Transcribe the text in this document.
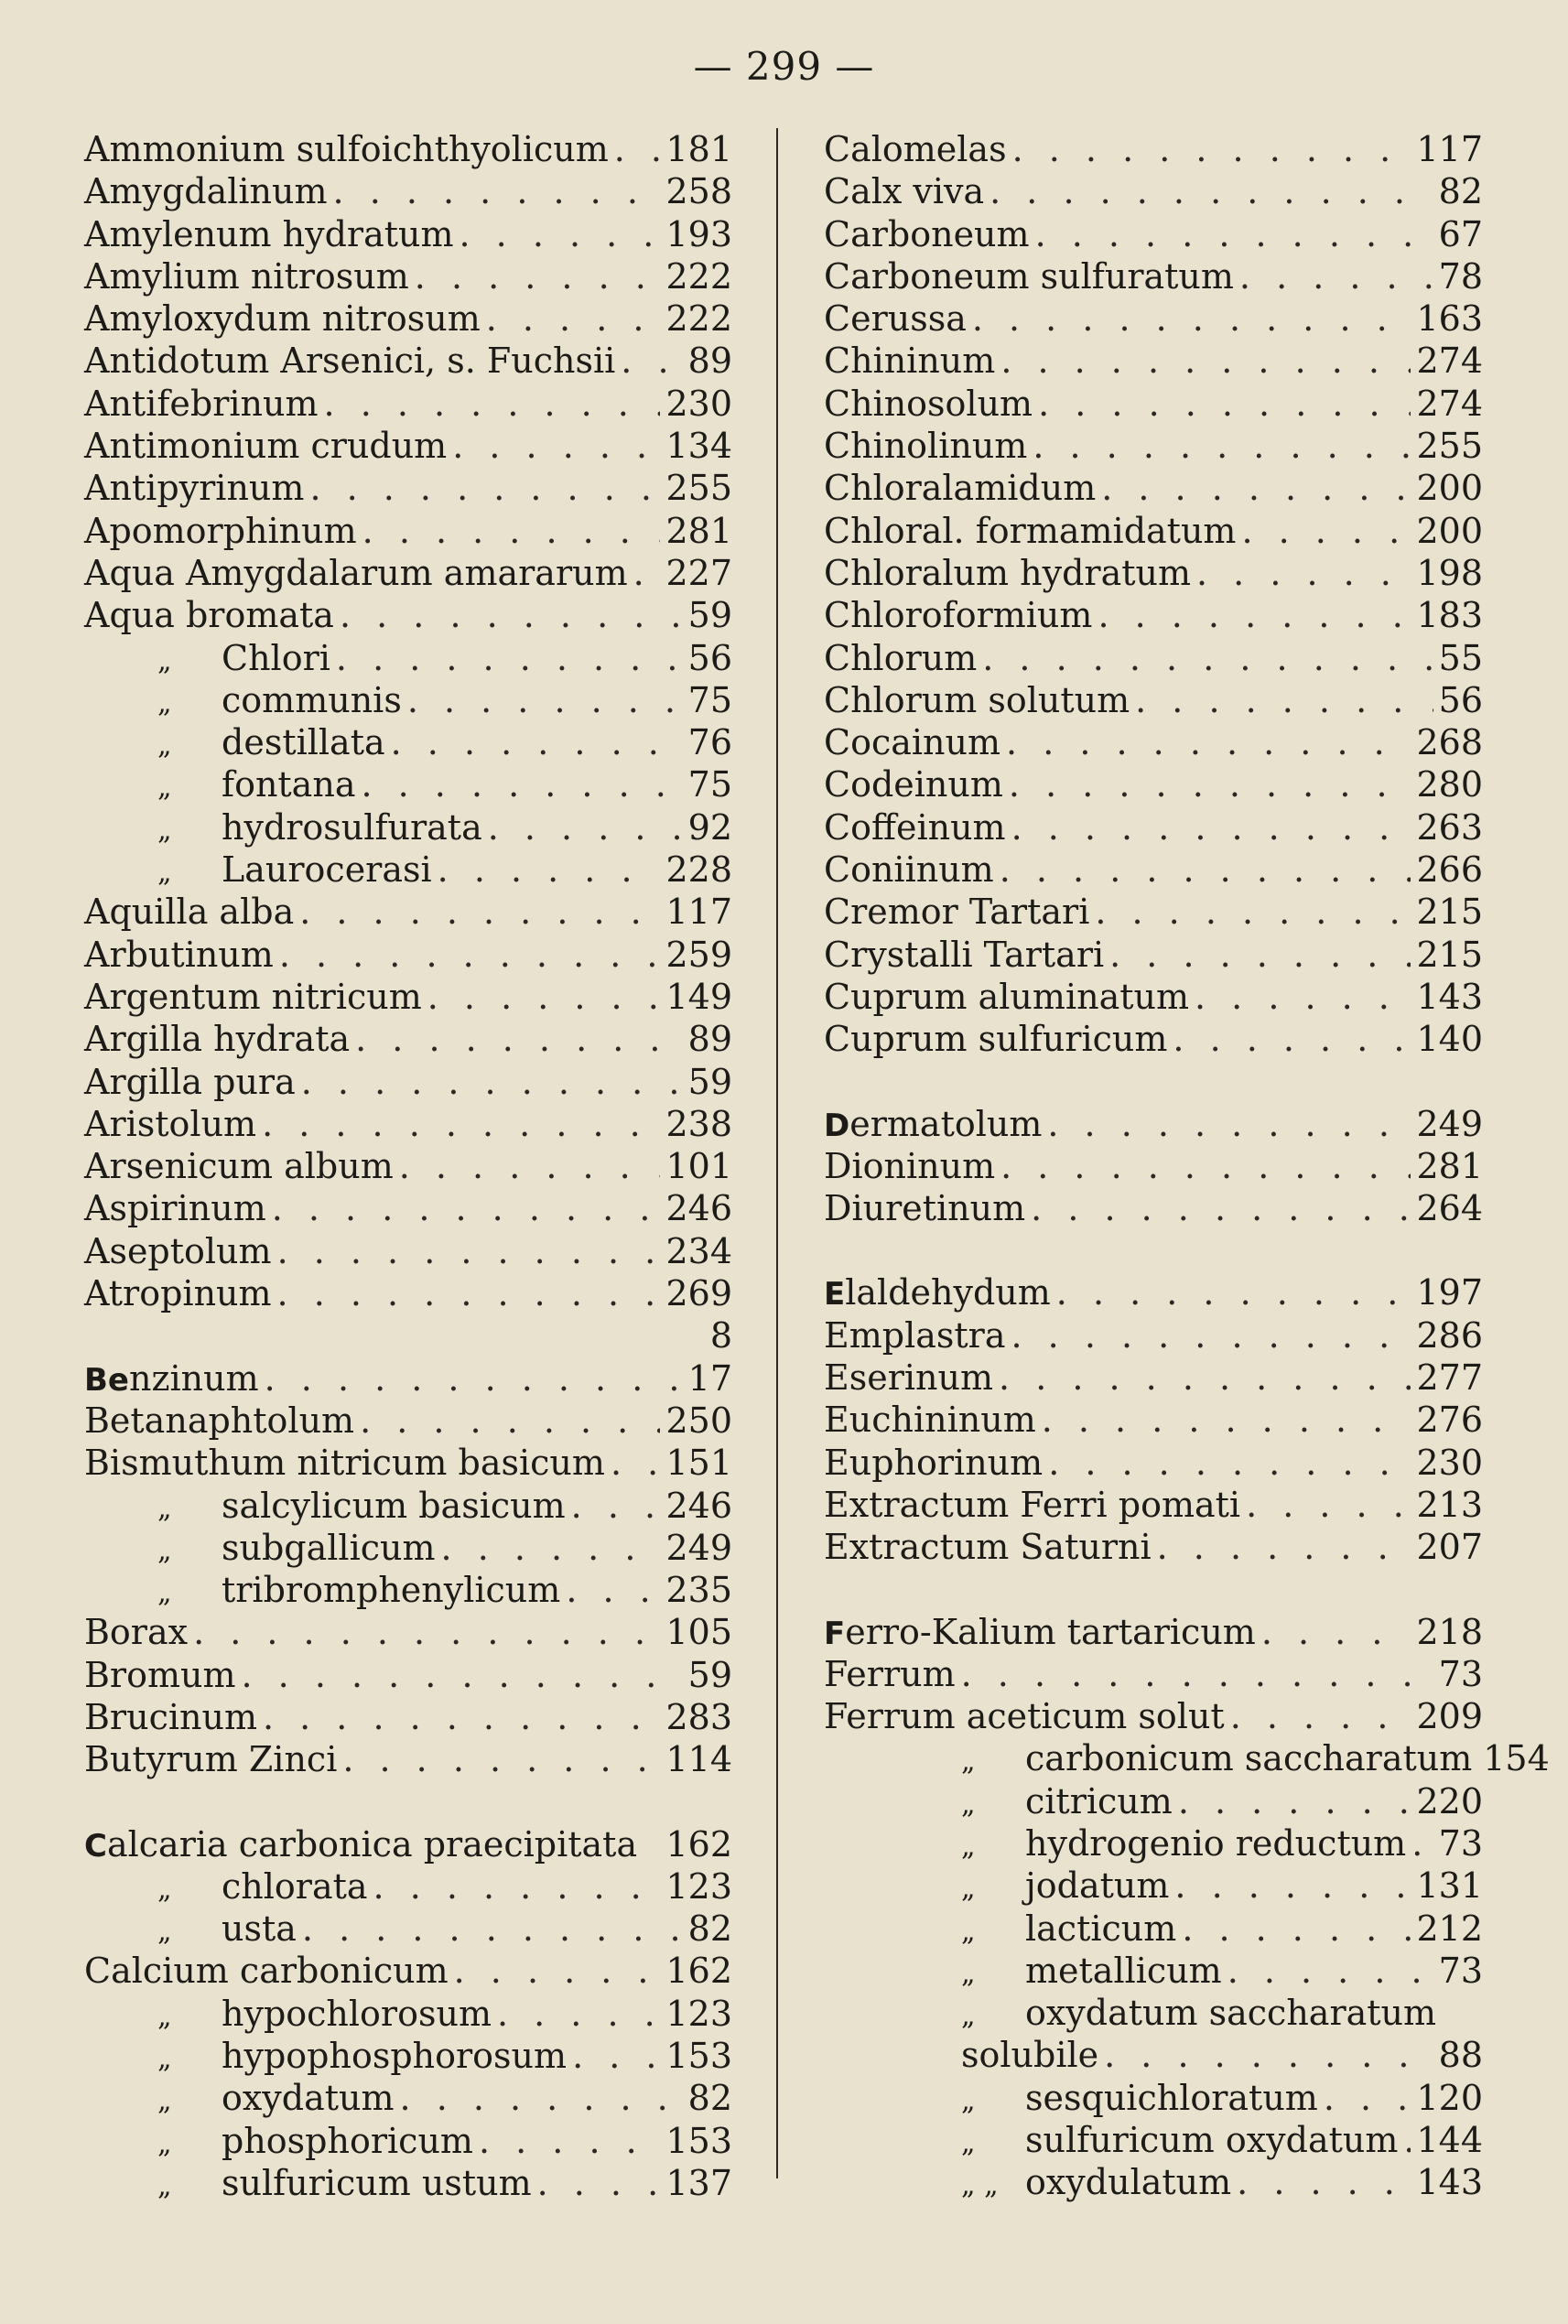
— 299 —
Ammonium sulfoichthyolicum . . . 181
Amygdalinum . . .	258
Amylenum hydratum . . .	193
Amylium nitrosum . . .	222
Amyloxydum nitrosum . . .	222
Antidotum Arsenici, s. Fuchsii . . . 89
Antifebrinum . . .	230
Antimonium crudum . . .	134
Antipyrinum . . .	255
Apomorphinum . . .	281
Aqua Amygdalarum amararum . . . 227
Aqua bromata . . .	59
„ Chlori . . .	56
„ communis . . .	75
„ destillata . . .	76
„ fontana . . .	75
„ hydrosulfurata . . .	92
„ Laurocerasi . . .	228
Aquilla alba . . .	117
Arbutinum . . .	259
Argentum nitricum . . .	149
Argilla hydrata . . .	89
Argilla pura . . .	59
Aristolum . . .	238
Arsenicum album . . .	101
Aspirinum . . .	246
Aseptolum . . .	234
Atropinum . . .	269
8
Benzinum . . .	17
Betanaphtolum . . .	250
Bismuthum nitricum basicum . . . 151
„ salcylicum basicum . . .	246
„ subgallicum . . .	249
„ tribromphenylicum . . .	235
Borax . . .	105
Bromum . . .	59
Brucinum . . .	283
Butyrum Zinci . . .	114
Calcaria carbonica praecipitata 162
„ chlorata . . .	123
„ usta . . .	82
Calcium carbonicum . . .	162
„ hypochlorosum . . .	123
„ hypophosphorosum . . .	153
„ oxydatum . . .	82
„ phosphoricum . . .	153
„ sulfuricum ustum . . .	137
Calomelas . . .	117
Calx viva . . .	82
Carboneum . . .	67
Carboneum sulfuratum . . .	78
Cerussa . . .	163
Chininum . . .	274
Chinosolum . . .	274
Chinolinum . . .	255
Chloralamidum . . .	200
Chloral. formamidatum . . .	200
Chloralum hydratum . . .	198
Chloroformium . . .	183
Chlorum . . .	55
Chlorum solutum . . .	56
Cocainum . . .	268
Codeinum . . .	280
Coffeinum . . .	263
Coniinum . . .	266
Cremor Tartari . . .	215
Crystalli Tartari . . .	215
Cuprum aluminatum . . .	143
Cuprum sulfuricum . . .	140
Dermatolum . . .	249
Dioninum . . .	281
Diuretinum . . .	264
Elaldehydum . . .	197
Emplastra . . .	286
Eserinum . . .	277
Euchininum . . .	276
Euphorinum . . .	230
Extractum Ferri pomati . . .	213
Extractum Saturni . . .	207
Ferro-Kalium tartaricum . . .	218
Ferrum . . .	73
Ferrum aceticum solut . . .	209
„ carbonicum saccharatum 154
„ citricum . . .	220
„ hydrogenio reductum . . . 73
„ jodatum . . .	131
„ lacticum . . .	212
„ metallicum . . .	73
„ oxydatum saccharatum
solubile . . .	88
„ sesquichloratum . . .	120
„ sulfuricum oxydatum . . . 144
„ „ oxydulatum . . .	143
